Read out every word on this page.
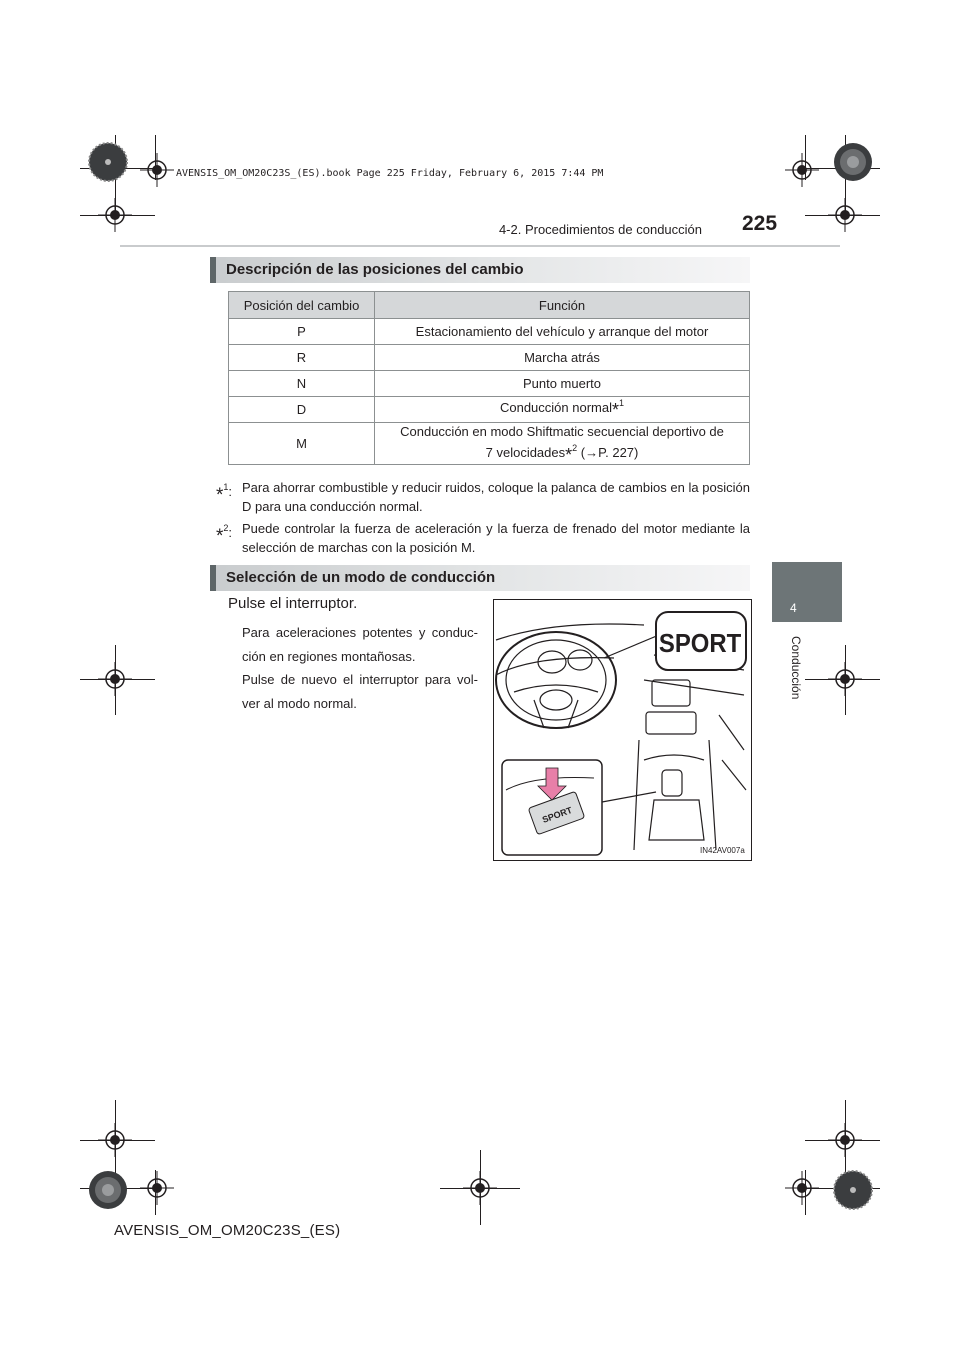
AVENSIS_OM_OM20C23S_(ES).book Page 225 Friday, February 6, 2015 7:44 PM
225
4-2. Procedimientos de conducción
4
Conducción
Descripción de las posiciones del cambio
Posición del cambio	Función
P	Estacionamiento del vehículo y arranque del motor
R	Marcha atrás
N	Punto muerto
D	Conducción normal*$^1$
M	Conducción en modo Shiftmatic secuencial deportivo de
7 velocidades*$^2$ (→P. 227)
*$^1$: Para ahorrar combustible y reducir ruidos, coloque la palanca de cambios en la posición D para una conducción normal.
*$^2$: Puede controlar la fuerza de aceleración y la fuerza de frenado del motor mediante la selección de marchas con la posición M.
Selección de un modo de conducción
Pulse el interruptor.
Para aceleraciones potentes y conduc- ción en regiones montañosas.
Pulse de nuevo el interruptor para vol- ver al modo normal.
SPORT
SPORT
IN42AV007a
AVENSIS_OM_OM20C23S_(ES)
